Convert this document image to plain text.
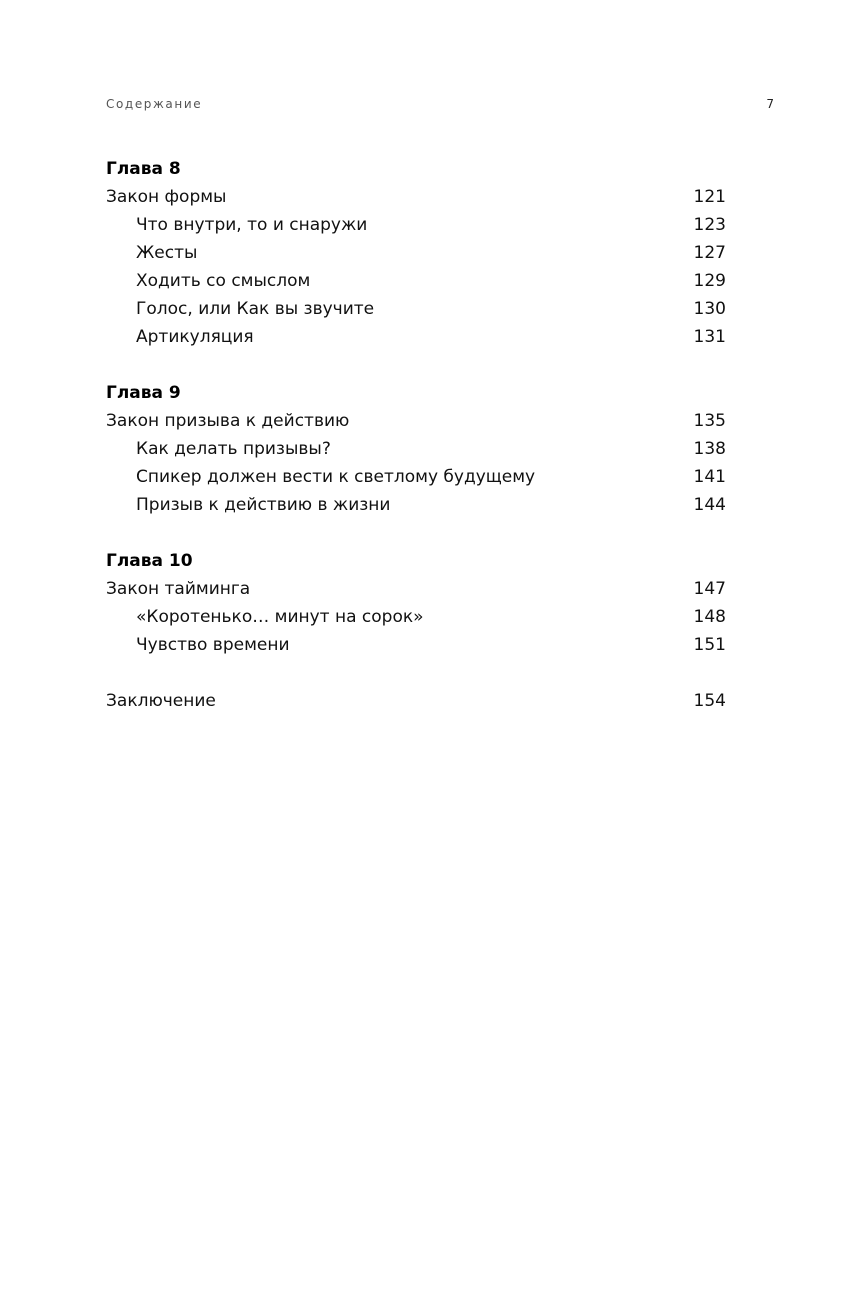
Содержание	7
Глава 8
Закон формы	121
Что внутри, то и снаружи	123
Жесты	127
Ходить со смыслом	129
Голос, или Как вы звучите	130
Артикуляция	131
Глава 9
Закон призыва к действию	135
Как делать призывы?	138
Спикер должен вести к светлому будущему	141
Призыв к действию в жизни	144
Глава 10
Закон тайминга	147
«Коротенько… минут на сорок»	148
Чувство времени	151
Заключение	154
